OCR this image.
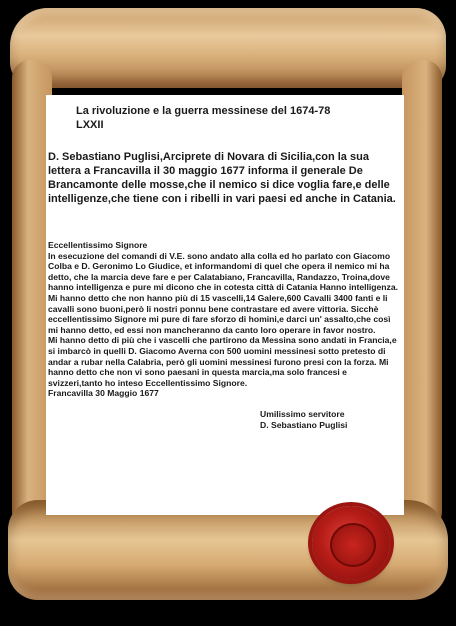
La rivoluzione e la guerra messinese del 1674-78
LXXII
D. Sebastiano Puglisi,Arciprete di Novara di Sicilia,con la sua lettera a Francavilla il 30 maggio 1677 informa il generale De Brancamonte delle mosse,che il nemico si dice voglia fare,e delle intelligenze,che tiene con i ribelli in vari paesi ed anche in Catania.

Eccellentissimo Signore

In esecuzione del comandi di V.E. sono andato alla colla ed ho parlato con Giacomo Colba e D. Geronimo Lo Giudice, et informandomi di quel che opera il nemico mi ha detto, che la marcia deve fare e per Calatabiano, Francavilla, Randazzo, Troina,dove hanno intelligenza e pure mi dicono che in cotesta città di Catania Hanno intelligenza.

Mi hanno detto che non hanno più di 15 vascelli,14 Galere,600 Cavalli 3400 fanti e li cavalli sono buoni,però li nostri ponnu bene contrastare ed avere vittoria. Sicchè eccellentissimo Signore mi pure di fare sforzo di homini,e darci un' assalto,che così mi hanno detto, ed essi non mancheranno da canto loro operare in favor nostro.

Mi hanno detto di più che i vascelli che partirono da Messina sono andati in Francia,e si imbarcò in quelli D. Giacomo Averna con 500 uomini messinesi sotto pretesto di andar a rubar nella Calabria, però gli uomini messinesi furono presi con la forza. Mi hanno detto che non vi sono paesani in questa marcia,ma solo francesi e svizzeri,tanto ho inteso Eccellentissimo Signore.

Francavilla 30 Maggio 1677

Umilissimo servitore
D. Sebastiano Puglisi
